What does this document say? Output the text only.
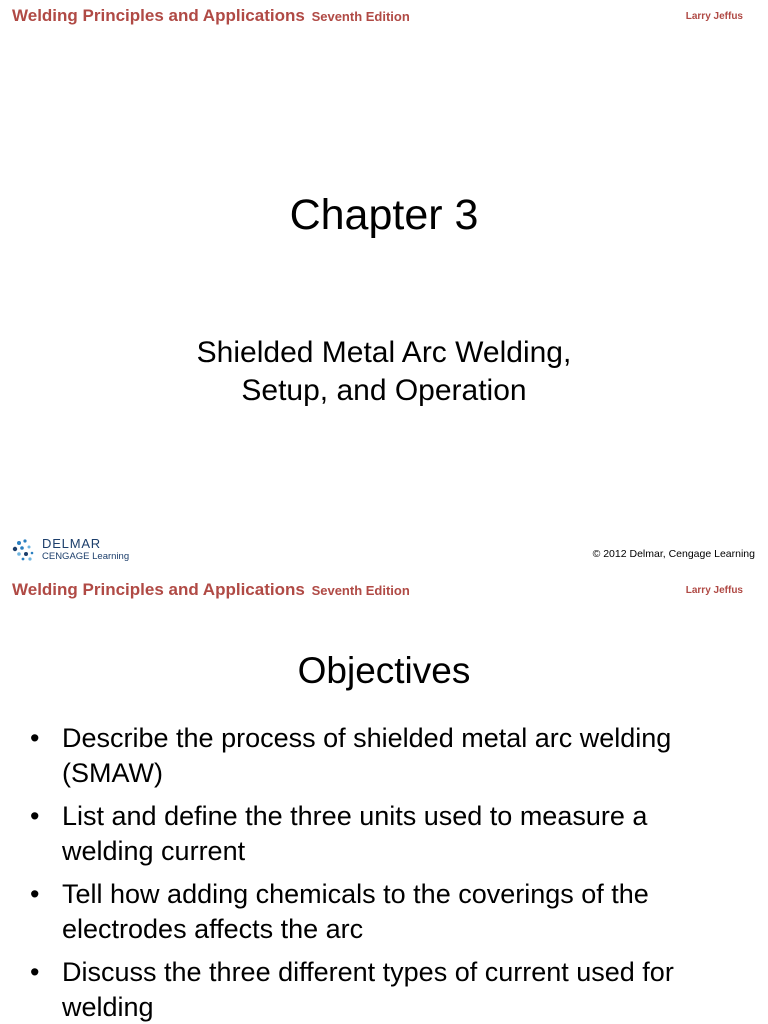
Welding Principles and Applications Seventh Edition	Larry Jeffus
Chapter 3
Shielded Metal Arc Welding,
Setup, and Operation
DELMAR
CENGAGE Learning	© 2012 Delmar, Cengage Learning
Welding Principles and Applications Seventh Edition	Larry Jeffus
Objectives
• Describe the process of shielded metal arc welding (SMAW)
• List and define the three units used to measure a welding current
• Tell how adding chemicals to the coverings of the electrodes affects the arc
• Discuss the three different types of current used for welding
